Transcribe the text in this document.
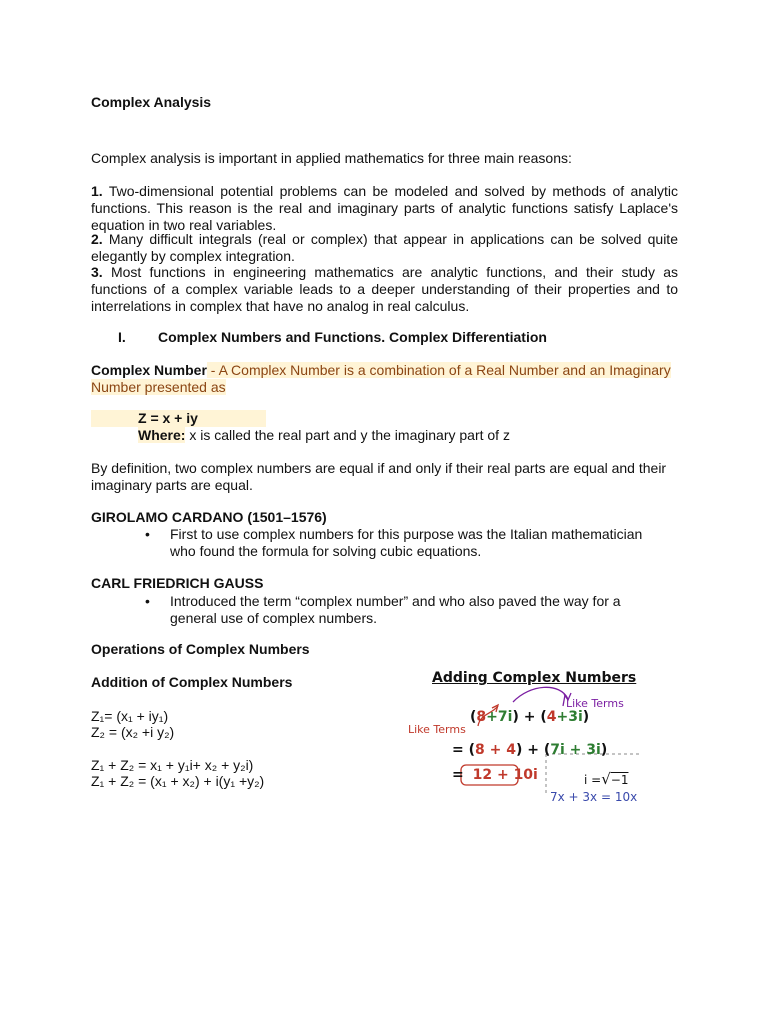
Complex Analysis
Complex analysis is important in applied mathematics for three main reasons:
1. Two-dimensional potential problems can be modeled and solved by methods of analytic functions. This reason is the real and imaginary parts of analytic functions satisfy Laplace's equation in two real variables.
2. Many difficult integrals (real or complex) that appear in applications can be solved quite elegantly by complex integration.
3. Most functions in engineering mathematics are analytic functions, and their study as functions of a complex variable leads to a deeper understanding of their properties and to interrelations in complex that have no analog in real calculus.
I. Complex Numbers and Functions. Complex Differentiation
Complex Number - A Complex Number is a combination of a Real Number and an Imaginary Number presented as
Z = x + iy
Where: x is called the real part and y the imaginary part of z
By definition, two complex numbers are equal if and only if their real parts are equal and their imaginary parts are equal.
GIROLAMO CARDANO (1501–1576)
• First to use complex numbers for this purpose was the Italian mathematician who found the formula for solving cubic equations.
CARL FRIEDRICH GAUSS
• Introduced the term “complex number” and who also paved the way for a general use of complex numbers.
Operations of Complex Numbers
Addition of Complex Numbers
Z₁= (x₁ + iy₁)
Z₂ = (x₂ +i y₂)
Z₁ + Z₂ = x₁ + y₁i+ x₂ + y₂i)
Z₁ + Z₂ = (x₁ + x₂) + i(y₁ +y₂)
Adding Complex Numbers
Like Terms
Like Terms
(8+7i) + (4+3i)
= (8 + 4) + (7i + 3i)
= 12 + 10i	i =√−1
7x + 3x = 10x
